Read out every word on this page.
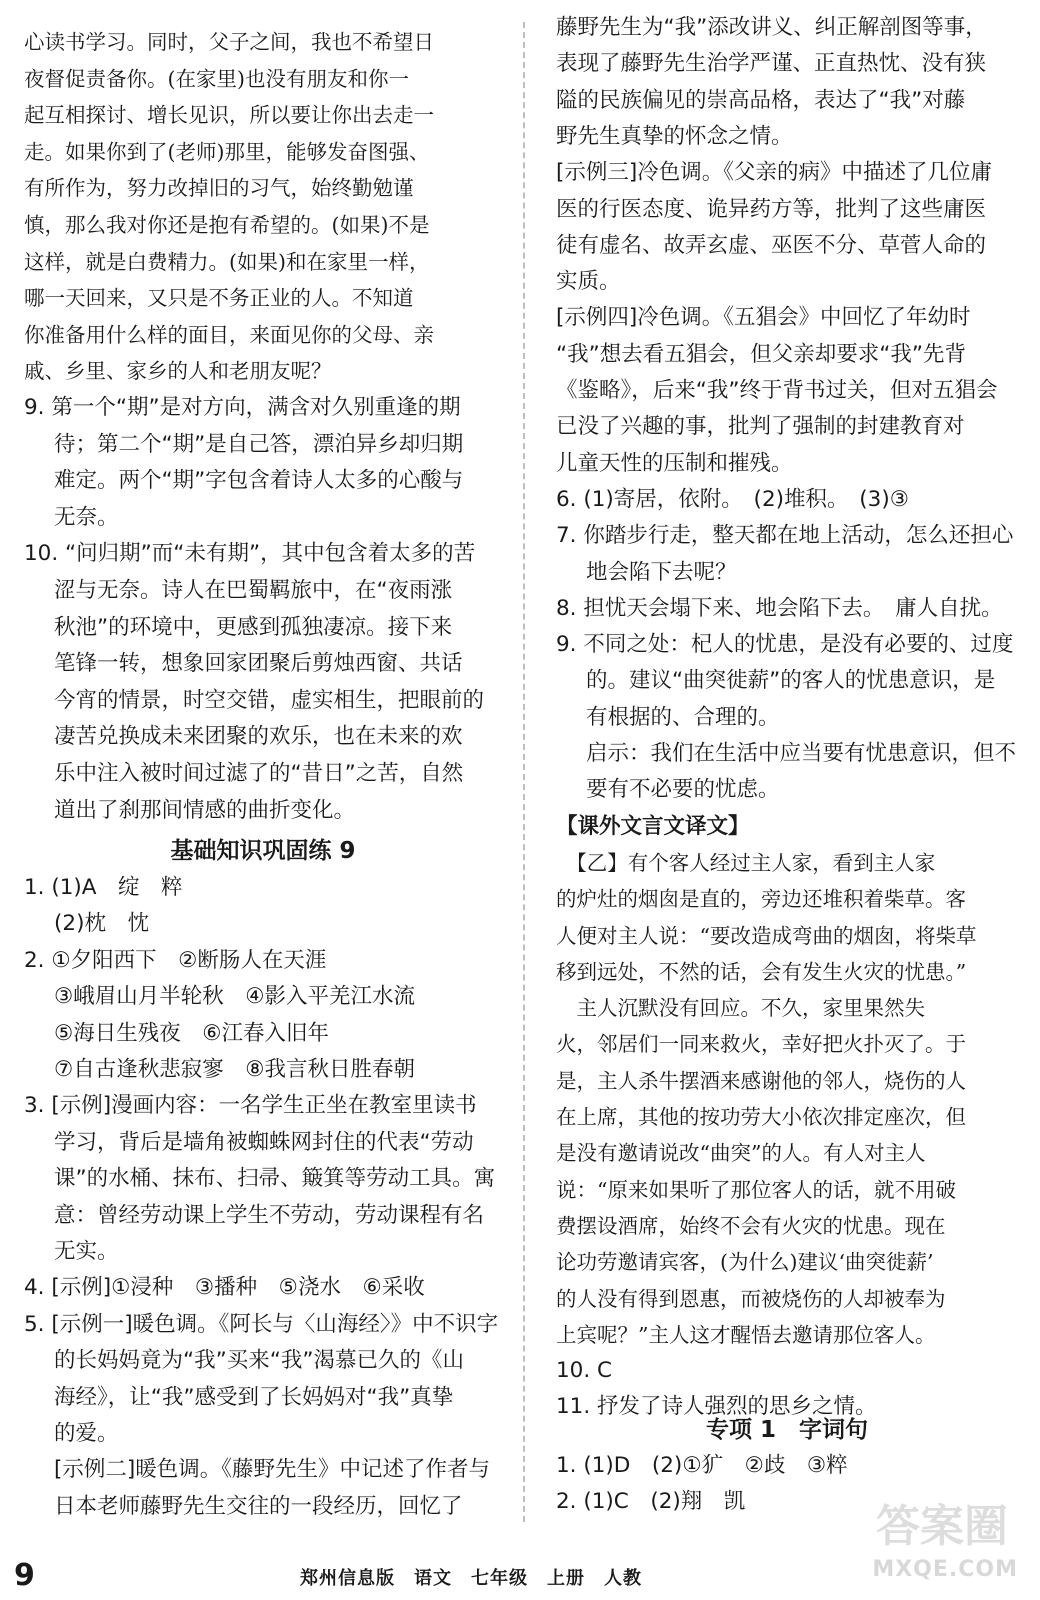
心读书学习。同时，父子之间，我也不希望日
夜督促责备你。(在家里)也没有朋友和你一
起互相探讨、增长见识，所以要让你出去走一
走。如果你到了(老师)那里，能够发奋图强、
有所作为，努力改掉旧的习气，始终勤勉谨
慎，那么我对你还是抱有希望的。(如果)不是
这样，就是白费精力。(如果)和在家里一样，
哪一天回来，又只是不务正业的人。不知道
你准备用什么样的面目，来面见你的父母、亲
戚、乡里、家乡的人和老朋友呢？
9. 第一个“期”是对方向，满含对久别重逢的期
待；第二个“期”是自己答，漂泊异乡却归期
难定。两个“期”字包含着诗人太多的心酸与
无奈。
10. “问归期”而“未有期”，其中包含着太多的苦
涩与无奈。诗人在巴蜀羁旅中，在“夜雨涨
秋池”的环境中，更感到孤独凄凉。接下来
笔锋一转，想象回家团聚后剪烛西窗、共话
今宵的情景，时空交错，虚实相生，把眼前的
凄苦兑换成未来团聚的欢乐，也在未来的欢
乐中注入被时间过滤了的“昔日”之苦，自然
道出了刹那间情感的曲折变化。
基础知识巩固练 9
1. (1)A　绽　粹
(2)枕　忱
2. ①夕阳西下　②断肠人在天涯
③峨眉山月半轮秋　④影入平羌江水流
⑤海日生残夜　⑥江春入旧年
⑦自古逢秋悲寂寥　⑧我言秋日胜春朝
3. [示例]漫画内容：一名学生正坐在教室里读书
学习，背后是墙角被蜘蛛网封住的代表“劳动
课”的水桶、抹布、扫帚、簸箕等劳动工具。寓
意：曾经劳动课上学生不劳动，劳动课程有名
无实。
4. [示例]①浸种　③播种　⑤浇水　⑥采收
5. [示例一]暖色调。《阿长与〈山海经〉》中不识字
的长妈妈竟为“我”买来“我”渴慕已久的《山
海经》，让“我”感受到了长妈妈对“我”真挚
的爱。
[示例二]暖色调。《藤野先生》中记述了作者与
日本老师藤野先生交往的一段经历，回忆了
藤野先生为“我”添改讲义、纠正解剖图等事，
表现了藤野先生治学严谨、正直热忱、没有狭
隘的民族偏见的崇高品格，表达了“我”对藤
野先生真挚的怀念之情。
[示例三]冷色调。《父亲的病》中描述了几位庸
医的行医态度、诡异药方等，批判了这些庸医
徒有虚名、故弄玄虚、巫医不分、草菅人命的
实质。
[示例四]冷色调。《五猖会》中回忆了年幼时
“我”想去看五猖会，但父亲却要求“我”先背
《鉴略》，后来“我”终于背书过关，但对五猖会
已没了兴趣的事，批判了强制的封建教育对
儿童天性的压制和摧残。
6. (1)寄居，依附。　(2)堆积。　(3)③
7. 你踏步行走，整天都在地上活动，怎么还担心
地会陷下去呢？
8. 担忧天会塌下来、地会陷下去。　庸人自扰。
9. 不同之处：杞人的忧患，是没有必要的、过度
的。建议“曲突徙薪”的客人的忧患意识，是
有根据的、合理的。
启示：我们在生活中应当要有忧患意识，但不
要有不必要的忧虑。
【课外文言文译文】
　【乙】有个客人经过主人家，看到主人家
的炉灶的烟囱是直的，旁边还堆积着柴草。客
人便对主人说：“要改造成弯曲的烟囱，将柴草
移到远处，不然的话，会有发生火灾的忧患。”
　主人沉默没有回应。不久，家里果然失
火，邻居们一同来救火，幸好把火扑灭了。于
是，主人杀牛摆酒来感谢他的邻人，烧伤的人
在上席，其他的按功劳大小依次排定座次，但
是没有邀请说改“曲突”的人。有人对主人
说：“原来如果听了那位客人的话，就不用破
费摆设酒席，始终不会有火灾的忧患。现在
论功劳邀请宾客，(为什么)建议‘曲突徙薪’
的人没有得到恩惠，而被烧伤的人却被奉为
上宾呢？”主人这才醒悟去邀请那位客人。
10. C
11. 抒发了诗人强烈的思乡之情。
专项 1　字词句
1. (1)D　(2)①犷　②歧　③粹
2. (1)C　(2)翔　凯
9	郑州信息版　语文　七年级　上册　人教
答案圈
MXQE.COM
